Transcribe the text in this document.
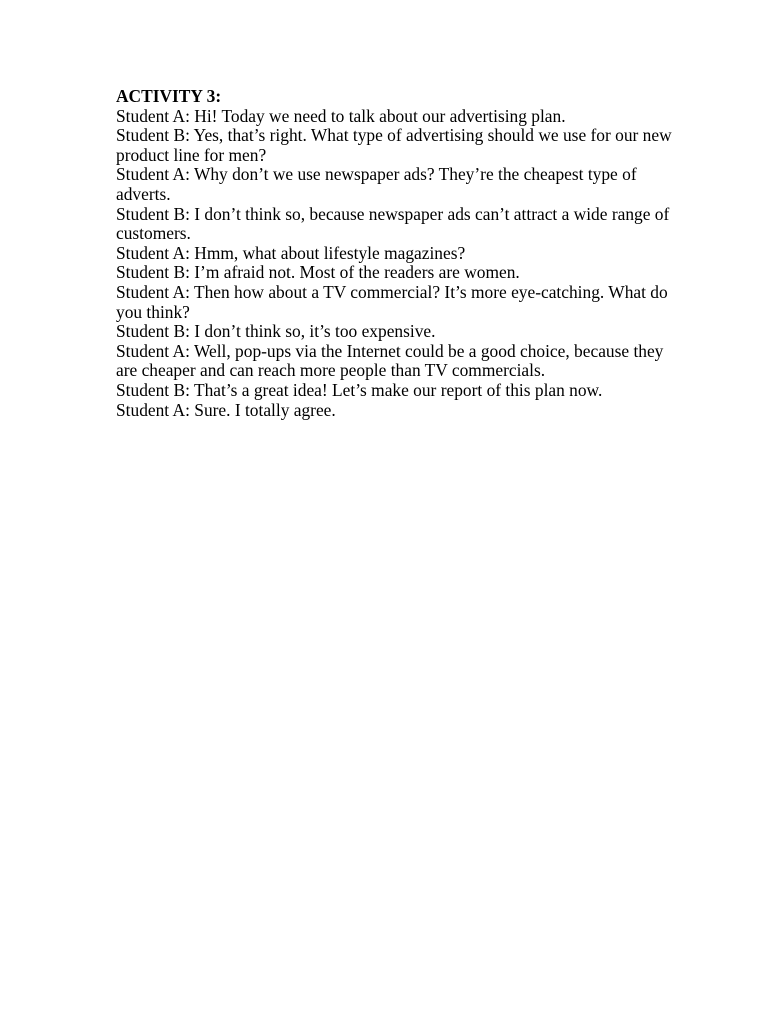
ACTIVITY 3:

Student A: Hi! Today we need to talk about our advertising plan.

Student B: Yes, that’s right. What type of advertising should we use for our new product line for men?

Student A: Why don’t we use newspaper ads? They’re the cheapest type of adverts.

Student B: I don’t think so, because newspaper ads can’t attract a wide range of customers.

Student A: Hmm, what about lifestyle magazines?

Student B: I’m afraid not. Most of the readers are women.

Student A: Then how about a TV commercial? It’s more eye-catching. What do you think?

Student B: I don’t think so, it’s too expensive.

Student A: Well, pop-ups via the Internet could be a good choice, because they are cheaper and can reach more people than TV commercials.

Student B: That’s a great idea! Let’s make our report of this plan now.

Student A: Sure. I totally agree.
